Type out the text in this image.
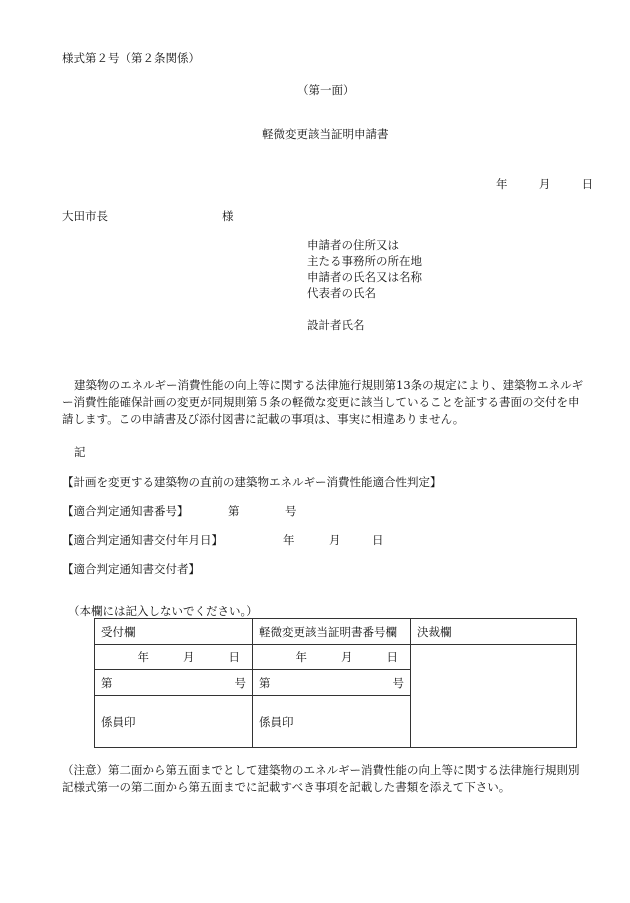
様式第２号（第２条関係）
（第一面）
軽微変更該当証明申請書
年	月	日
大田市長	様
申請者の住所又は
主たる事務所の所在地
申請者の氏名又は名称
代表者の氏名
設計者氏名
建築物のエネルギー消費性能の向上等に関する法律施行規則第13条の規定により、建築物エネルギー消費性能確保計画の変更が同規則第５条の軽微な変更に該当していることを証する書面の交付を申請します。この申請書及び添付図書に記載の事項は、事実に相違ありません。
記
【計画を変更する建築物の直前の建築物エネルギー消費性能適合性判定】
【適合判定通知書番号】	第	号
【適合判定通知書交付年月日】	年	月	日
【適合判定通知書交付者】
（本欄には記入しないでください。）
受付欄	軽微変更該当証明書番号欄	決裁欄

年 月 日	年 月 日	

第 号	第 号	

係員印	係員印	
（注意）第二面から第五面までとして建築物のエネルギー消費性能の向上等に関する法律施行規則別記様式第一の第二面から第五面までに記載すべき事項を記載した書類を添えて下さい。
